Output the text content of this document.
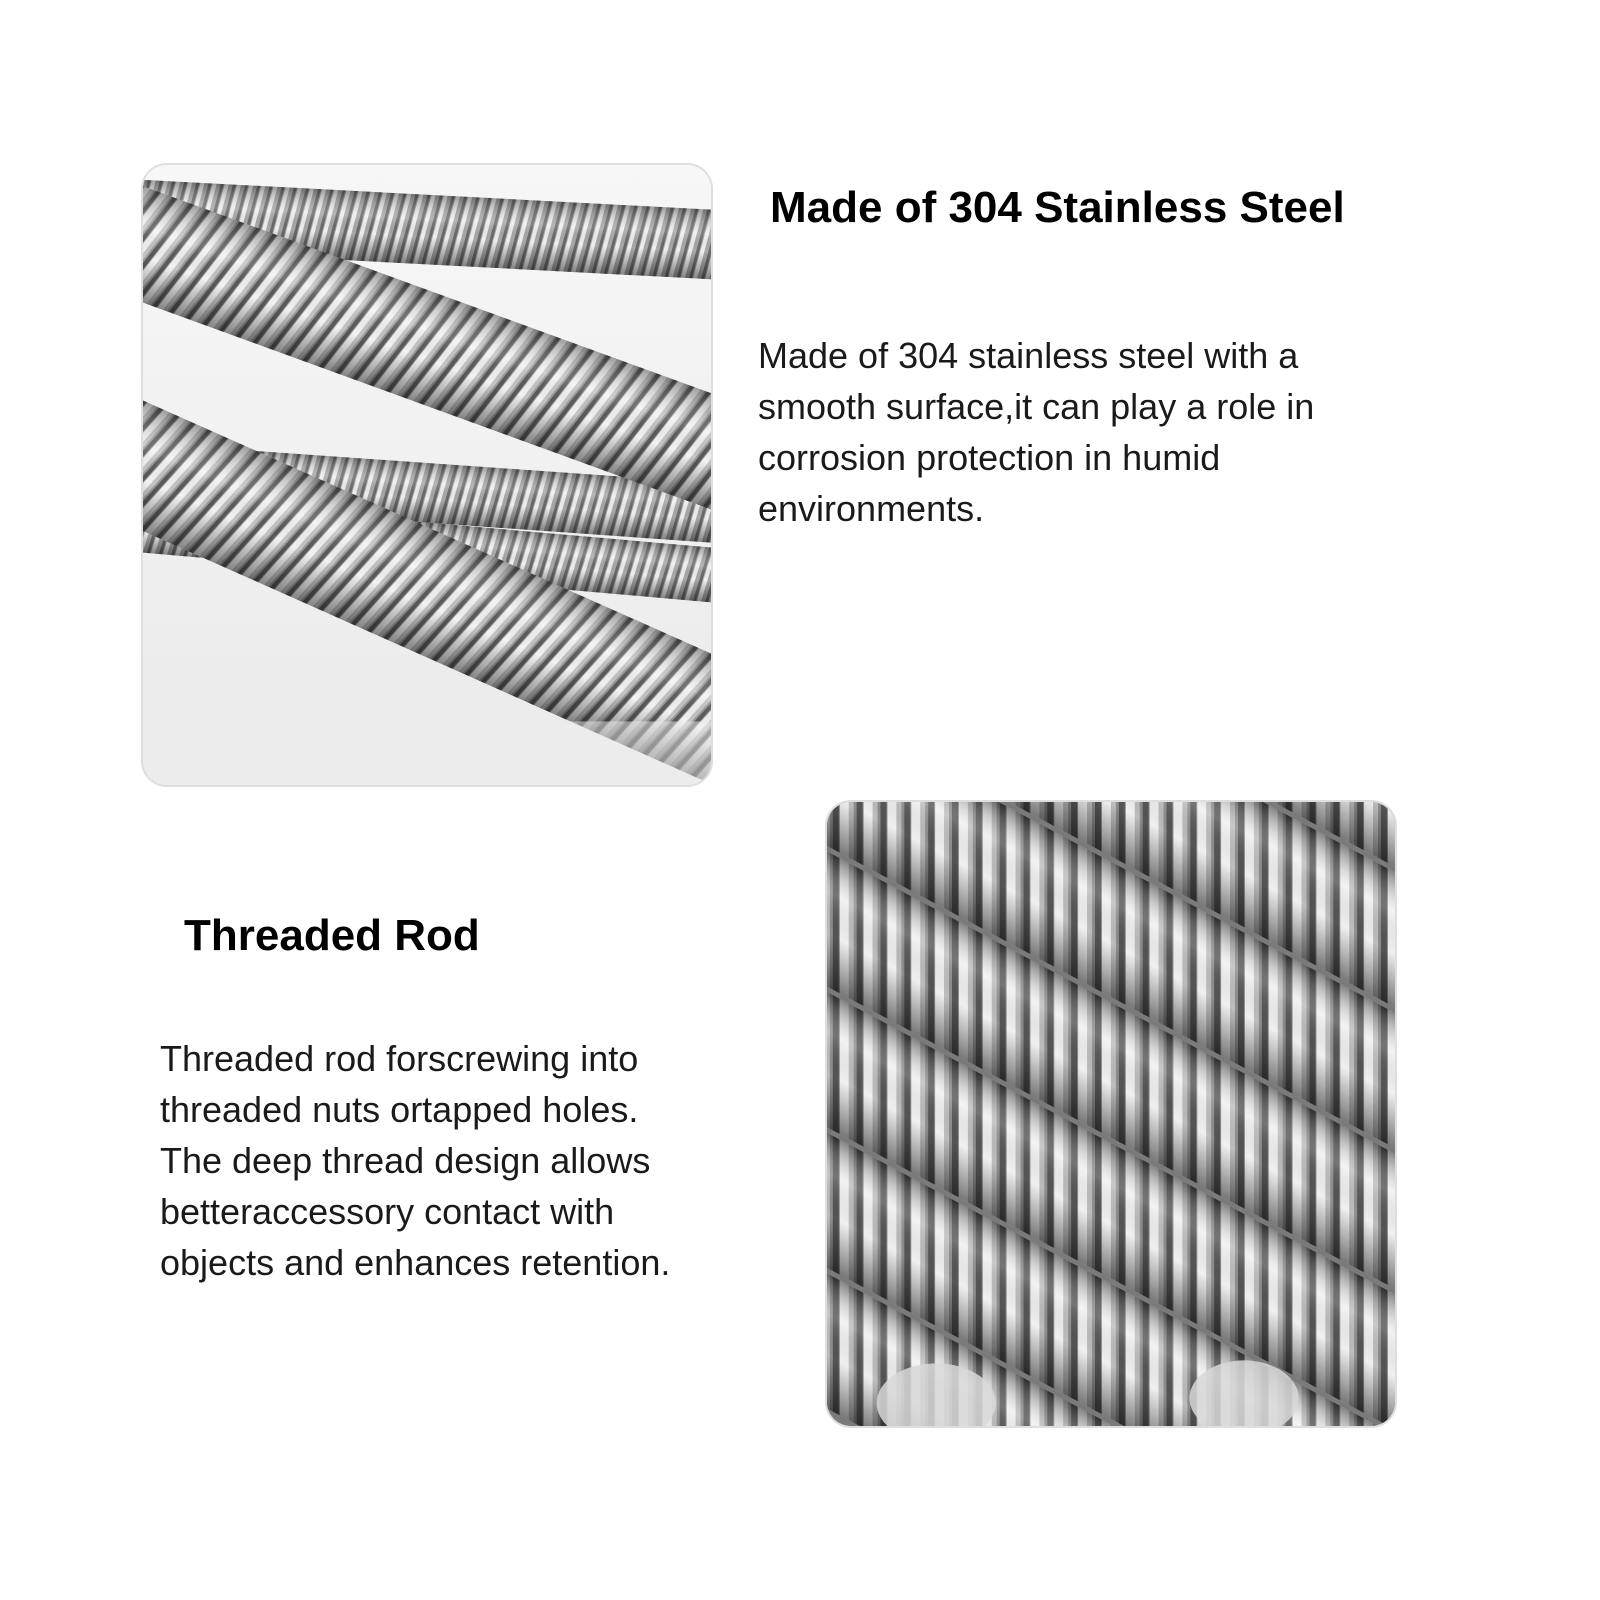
Made of 304 Stainless Steel

Made of 304 stainless steel with a
smooth surface,it can play a role in
corrosion protection in humid
environments.

Threaded Rod

Threaded rod forscrewing into
threaded nuts ortapped holes.
The deep thread design allows
betteraccessory contact with
objects and enhances retention.
